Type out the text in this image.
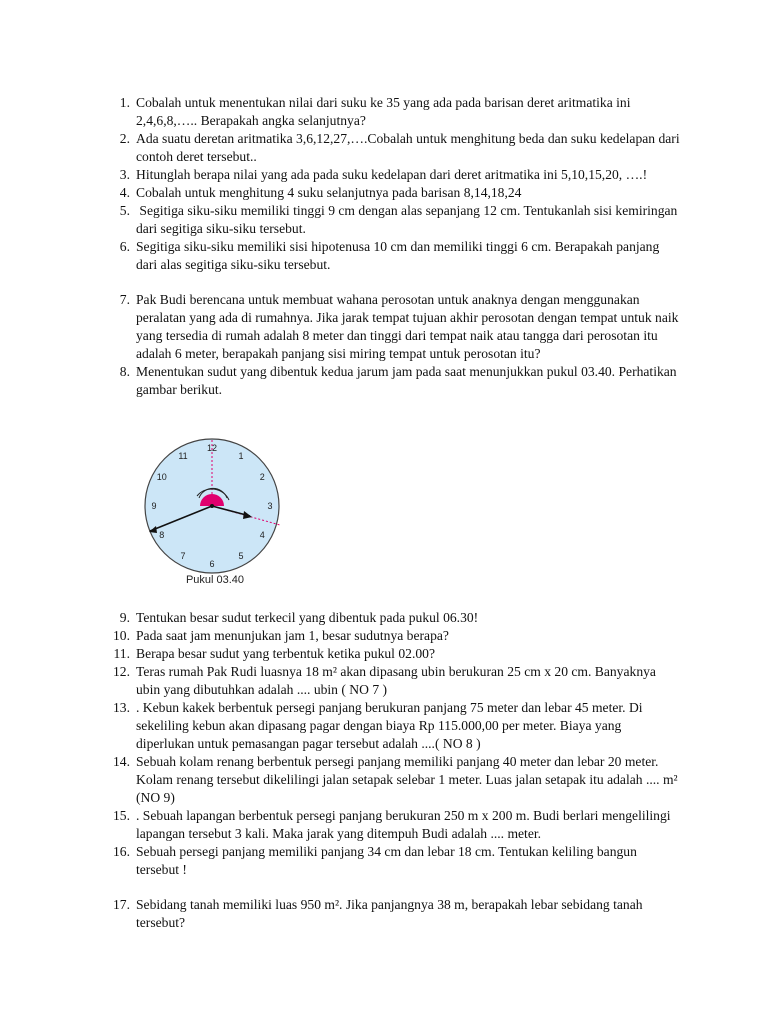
1. Cobalah untuk menentukan nilai dari suku ke 35 yang ada pada barisan deret aritmatika ini 2,4,6,8,….. Berapakah angka selanjutnya?
2. Ada suatu deretan aritmatika 3,6,12,27,….Cobalah untuk menghitung beda dan suku kedelapan dari contoh deret tersebut..
3. Hitunglah berapa nilai yang ada pada suku kedelapan dari deret aritmatika ini 5,10,15,20, ….!
4. Cobalah untuk menghitung 4 suku selanjutnya pada barisan 8,14,18,24
5. Segitiga siku-siku memiliki tinggi 9 cm dengan alas sepanjang 12 cm. Tentukanlah sisi kemiringan dari segitiga siku-siku tersebut.
6. Segitiga siku-siku memiliki sisi hipotenusa 10 cm dan memiliki tinggi 6 cm. Berapakah panjang dari alas segitiga siku-siku tersebut.
7. Pak Budi berencana untuk membuat wahana perosotan untuk anaknya dengan menggunakan peralatan yang ada di rumahnya. Jika jarak tempat tujuan akhir perosotan dengan tempat untuk naik yang tersedia di rumah adalah 8 meter dan tinggi dari tempat naik atau tangga dari perosotan itu adalah 6 meter, berapakah panjang sisi miring tempat untuk perosotan itu?
8. Menentukan sudut yang dibentuk kedua jarum jam pada saat menunjukkan pukul 03.40. Perhatikan gambar berikut.
12
1
2
3
4
5
6
7
8
9
10
11
Pukul 03.40
9. Tentukan besar sudut terkecil yang dibentuk pada pukul 06.30!
10. Pada saat jam menunjukan jam 1, besar sudutnya berapa?
11. Berapa besar sudut yang terbentuk ketika pukul 02.00?
12. Teras rumah Pak Rudi luasnya 18 m² akan dipasang ubin berukuran 25 cm x 20 cm. Banyaknya ubin yang dibutuhkan adalah .... ubin ( NO 7 )
13. . Kebun kakek berbentuk persegi panjang berukuran panjang 75 meter dan lebar 45 meter. Di sekeliling kebun akan dipasang pagar dengan biaya Rp 115.000,00 per meter. Biaya yang diperlukan untuk pemasangan pagar tersebut adalah ....( NO 8 )
14. Sebuah kolam renang berbentuk persegi panjang memiliki panjang 40 meter dan lebar 20 meter. Kolam renang tersebut dikelilingi jalan setapak selebar 1 meter. Luas jalan setapak itu adalah .... m² (NO 9)
15. . Sebuah lapangan berbentuk persegi panjang berukuran 250 m x 200 m. Budi berlari mengelilingi lapangan tersebut 3 kali. Maka jarak yang ditempuh Budi adalah .... meter.
16. Sebuah persegi panjang memiliki panjang 34 cm dan lebar 18 cm. Tentukan keliling bangun tersebut !
17. Sebidang tanah memiliki luas 950 m². Jika panjangnya 38 m, berapakah lebar sebidang tanah tersebut?
